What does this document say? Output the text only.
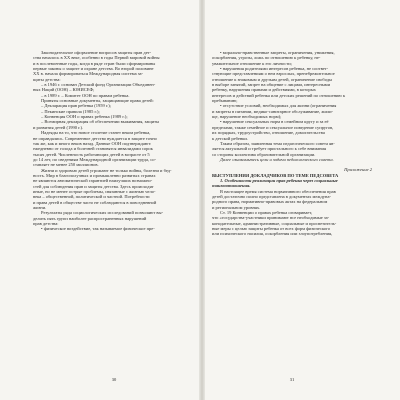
Законодательное оформление вопросов защиты прав дет-
ства началось в XX веке, особенно в годы Первой мировой войны
и в послевоенные годы, когда в ряде стран были сформированы
первые законы о защите и охране детства. Во второй половине
XX в. начала формироваться Международная система за-
щиты детства:
– в 1946 г. основан Детский фонд Организации Объединен-
ных Наций (ООН) – ЮНИСЕФ;
– в 1989 г. – Комитет ООН по правам ребенка.
Приняты основные документы, защищающие права детей:
– Декларация прав ребенка (1959 г.);
– Пекинские правила (1985 г.);
– Конвенция ООН о правах ребенка (1989 г.);
– Всемирная декларация об обеспечении выживания, защиты
и развития детей (1990 г.).
Надеяды на то, что новое столетие станет веком ребенка,
не оправдались. Современное детство вуждается в защите точно
так же, как и много веков назад. Данные ООН подтверждают:
ежедневно от голода и болезней становятся инвалидами сорок
тысяч детей. Численность работающих детей в возрасте от 5
до 14 лет, по сведениям Международной организации труда, со-
ставляет не менее 250 миллионов.
Жизни и здоровью детей угрожают не только войны, болезни и бед-
ность. Мир в благополучных и промышленно развитых странах
не являются автоматической гарантией наилучших возможно-
стей для соблюдения прав и защиты детства. Здесь происходят
иные, но не менее острые проблемы, связанные с жизнью чело-
века – общественной, политической и частной. Потребности
и права детей в обществе часто не соблюдаются в повседневной
жизни.
Результаты ряда социологических исследований позволяют вы-
делить пять групп наиболее распространенных нарушений
прав детства:
• физическое воздействие, так называемое физическое пре-
30
• морально-нравственные запреты, ограничения, унижения,
оскорбления, угрозы, ложь по отношению к ребенку, не-
уважительное отношение к его личности;
• нарушения родителями интересов ребенка, не соответ-
ствующие представлениям о нем взрослых, пренебрежительное
отношение к знакомым и друзьям детей, ограничение свободы
в выборе занятий, запрет на общение с лицами, интересными
ребенку, нарушения правами и действиями, в которых
интересов и действий ребенка или детских решений по отношению к
пребыванию;
• отсутствие условий, необходимых для жизни (ограничения
и запреты в питании, медико-санитарное обслуживание, жили-
ще, нарушение необходимых норм);
• нарушение сексуальных норм в семейном кругу и за её
пределами, также семейное и сексуальное поведение супругов,
их порядках, трудоустройство, отношение, домогательства
к детской ребенки.
Таким образом, заявленная тема педагогического совета яв-
ляется актуальной и требует пристального к себе внимания
со стороны коллектива образовательной организации.
Далее ознакомьтесь цели и задачи педагогического совета.
Приложение 2
ВЫСТУПЛЕНИЯ ДОКЛАДЧИКОВ ПО ТЕМЕ ПЕДСОВЕТА
1. Особенности реализации прав ребенка через социальные
взаимоотношения.
В настоящее время система нормативного обеспечения прав
детей достаточно полно представлена в документах междуна-
родного права, нормативно-правовых актах на федеральном
и региональном уровнях.
Ст. 19 Конвенции о правах ребенка оговаривает,
что «государства-участники принимают все необходимые за-
конодательные, административные, социальные и просветитель-
ные меры с целью защиты ребенка от всех форм физического
или психического насилия, оскорбления или злоупотребления,
31
